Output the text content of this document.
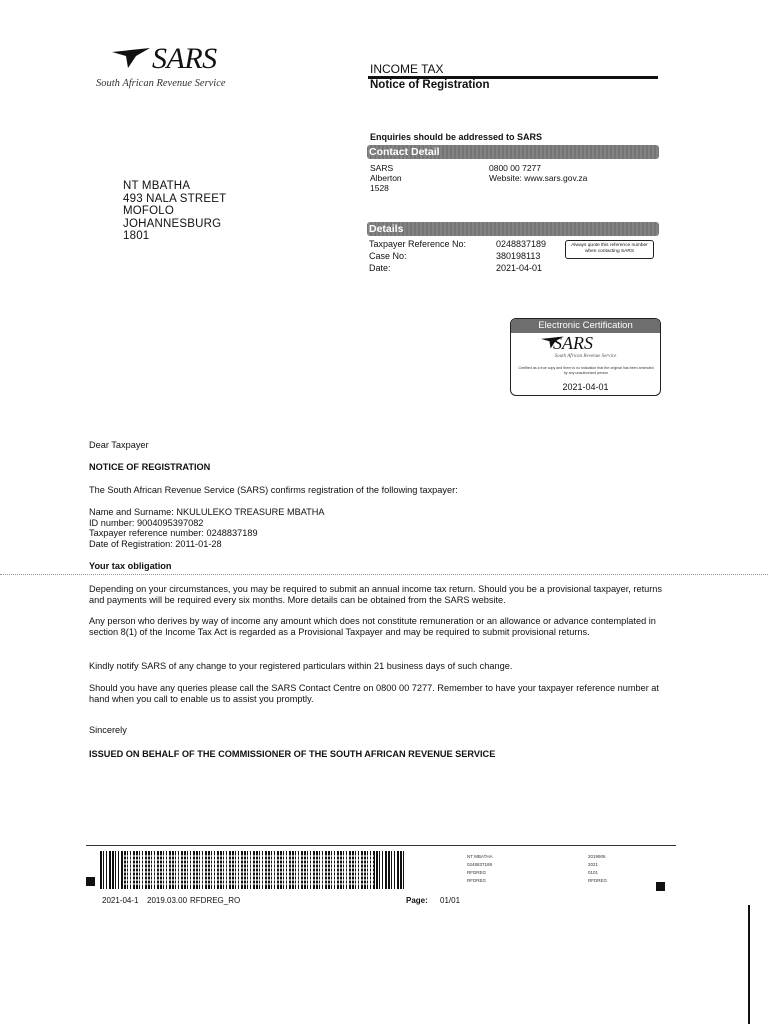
SARS
South African Revenue Service
INCOME TAX
Notice of Registration
Enquiries should be addressed to SARS
Contact Detail
SARS
Alberton
1528
0800 00 7277
Website: www.sars.gov.za
NT MBATHA
493 NALA STREET
MOFOLO
JOHANNESBURG
1801
Details
Taxpayer Reference No:
Case No:
Date:
0248837189
380198113
2021-04-01
Always quote this reference number when contacting SARS
Electronic Certification
SARS
South African Revenue Service
Certified as a true copy and there is no indication that the original has been amended by any unauthorised person
2021-04-01
Dear Taxpayer
NOTICE OF REGISTRATION
The South African Revenue Service (SARS) confirms registration of the following taxpayer:
Name and Surname: NKULULEKO TREASURE MBATHA
ID number: 9004095397082
Taxpayer reference number: 0248837189
Date of Registration: 2011-01-28
Your tax obligation
Depending on your circumstances, you may be required to submit an annual income tax return. Should you be a provisional taxpayer, returns and payments will be required every six months. More details can be obtained from the SARS website.
Any person who derives by way of income any amount which does not constitute remuneration or an allowance or advance contemplated in section 8(1) of the Income Tax Act is regarded as a Provisional Taxpayer and may be required to submit provisional returns.
Kindly notify SARS of any change to your registered particulars within 21 business days of such change.
Should you have any queries please call the SARS Contact Centre on 0800 00 7277. Remember to have your taxpayer reference number at hand when you call to enable us to assist you promptly.
Sincerely
ISSUED ON BEHALF OF THE COMMISSIONER OF THE SOUTH AFRICAN REVENUE SERVICE
NT MBATHA
0248837189
RFDREG
RFDREG
2019906
2021
0101
RFDREG
2021-04-1 2019.03.00 RFDREG_RO	Page: 01/01
